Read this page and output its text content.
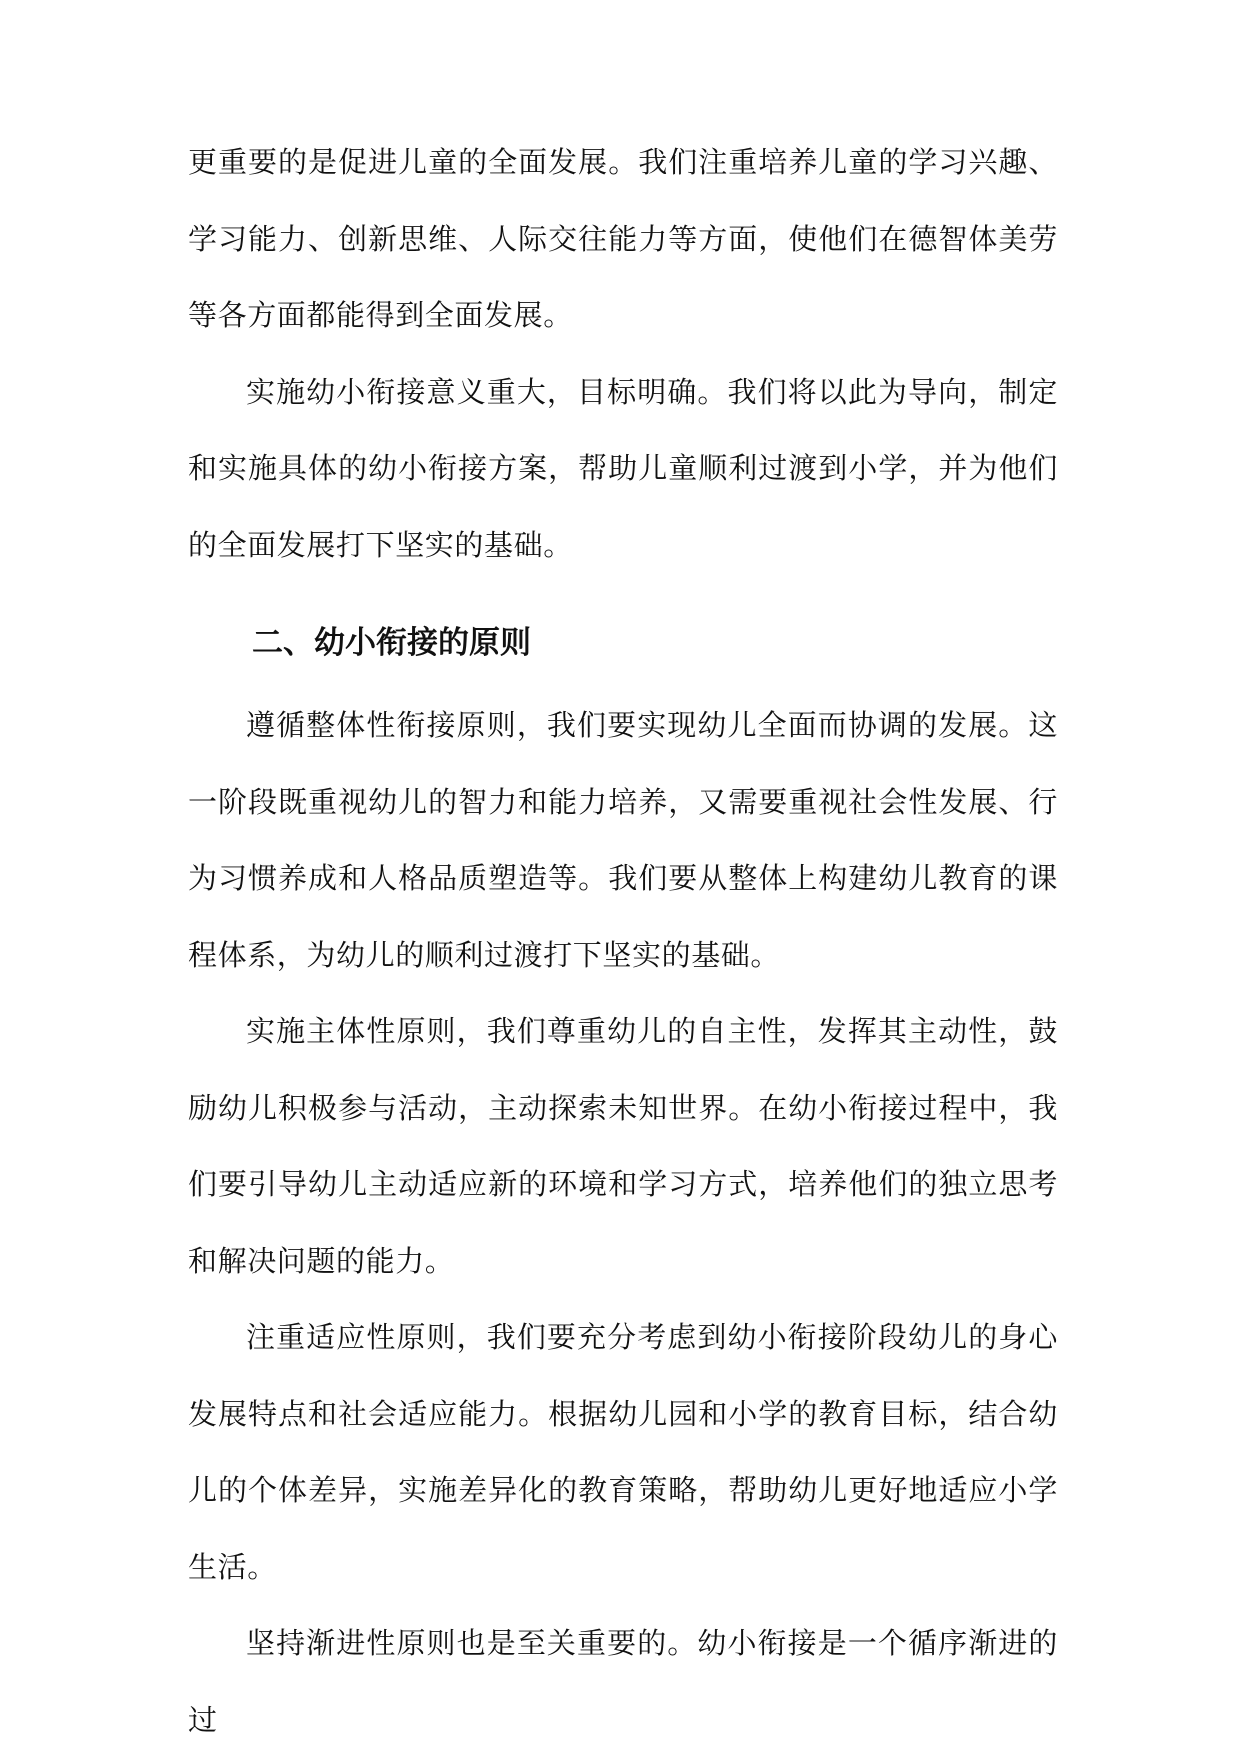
更重要的是促进儿童的全面发展。我们注重培养儿童的学习兴趣、学习能力、创新思维、人际交往能力等方面，使他们在德智体美劳等各方面都能得到全面发展。

实施幼小衔接意义重大，目标明确。我们将以此为导向，制定和实施具体的幼小衔接方案，帮助儿童顺利过渡到小学，并为他们的全面发展打下坚实的基础。

二、幼小衔接的原则

遵循整体性衔接原则，我们要实现幼儿全面而协调的发展。这一阶段既重视幼儿的智力和能力培养，又需要重视社会性发展、行为习惯养成和人格品质塑造等。我们要从整体上构建幼儿教育的课程体系，为幼儿的顺利过渡打下坚实的基础。

实施主体性原则，我们尊重幼儿的自主性，发挥其主动性，鼓励幼儿积极参与活动，主动探索未知世界。在幼小衔接过程中，我们要引导幼儿主动适应新的环境和学习方式，培养他们的独立思考和解决问题的能力。

注重适应性原则，我们要充分考虑到幼小衔接阶段幼儿的身心发展特点和社会适应能力。根据幼儿园和小学的教育目标，结合幼儿的个体差异，实施差异化的教育策略，帮助幼儿更好地适应小学生活。

坚持渐进性原则也是至关重要的。幼小衔接是一个循序渐进的过
